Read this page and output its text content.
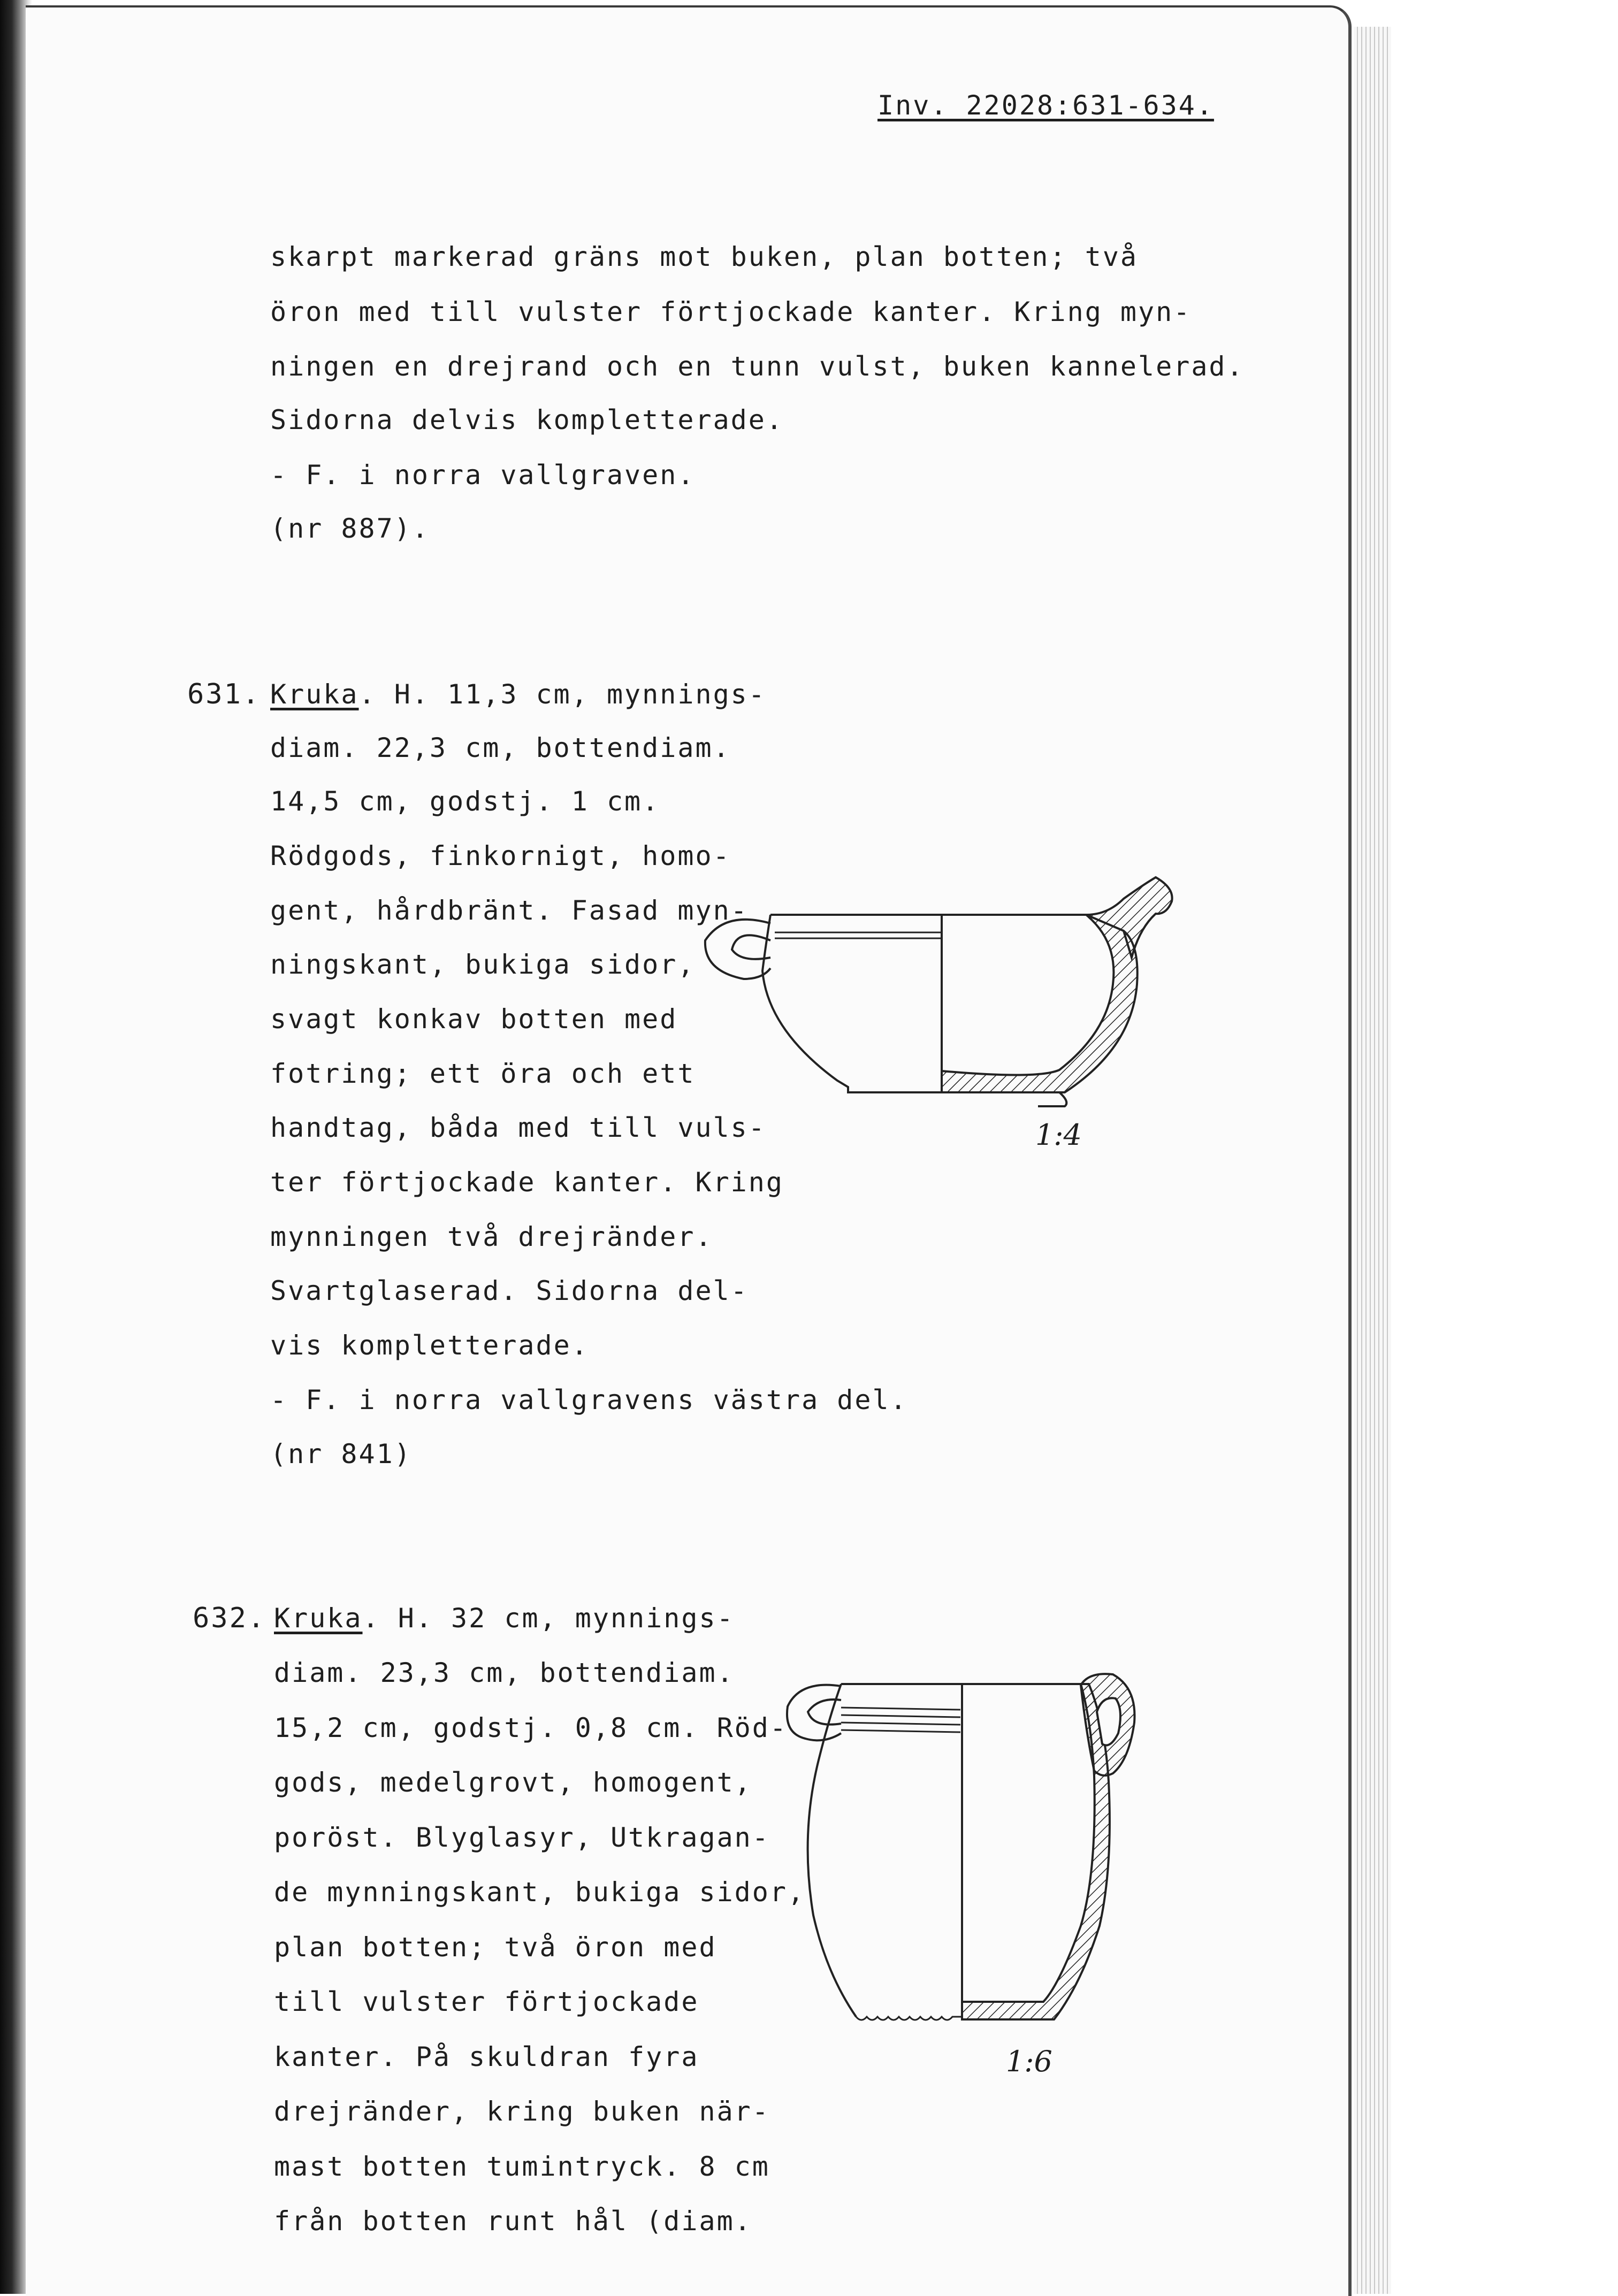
Inv. 22028:631-634.
skarpt markerad gräns mot buken, plan botten; två
öron med till vulster förtjockade kanter. Kring myn-
ningen en drejrand och en tunn vulst, buken kannelerad.
Sidorna delvis kompletterade.
- F. i norra vallgraven.
(nr 887).
631. Kruka. H. 11,3 cm, mynnings-
diam. 22,3 cm, bottendiam.
14,5 cm, godstj. 1 cm.
Rödgods, finkornigt, homo-
gent, hårdbränt. Fasad myn-
ningskant, bukiga sidor,
svagt konkav botten med
fotring; ett öra och ett
handtag, båda med till vuls-
ter förtjockade kanter. Kring
mynningen två drejränder.
Svartglaserad. Sidorna del-
vis kompletterade.
- F. i norra vallgravens västra del.
(nr 841)
1:4
632. Kruka. H. 32 cm, mynnings-
diam. 23,3 cm, bottendiam.
15,2 cm, godstj. 0,8 cm. Röd-
gods, medelgrovt, homogent,
poröst. Blyglasyr, Utkragan-
de mynningskant, bukiga sidor,
plan botten; två öron med
till vulster förtjockade
kanter. På skuldran fyra
drejränder, kring buken när-
mast botten tumintryck. 8 cm
från botten runt hål (diam.
1:6
